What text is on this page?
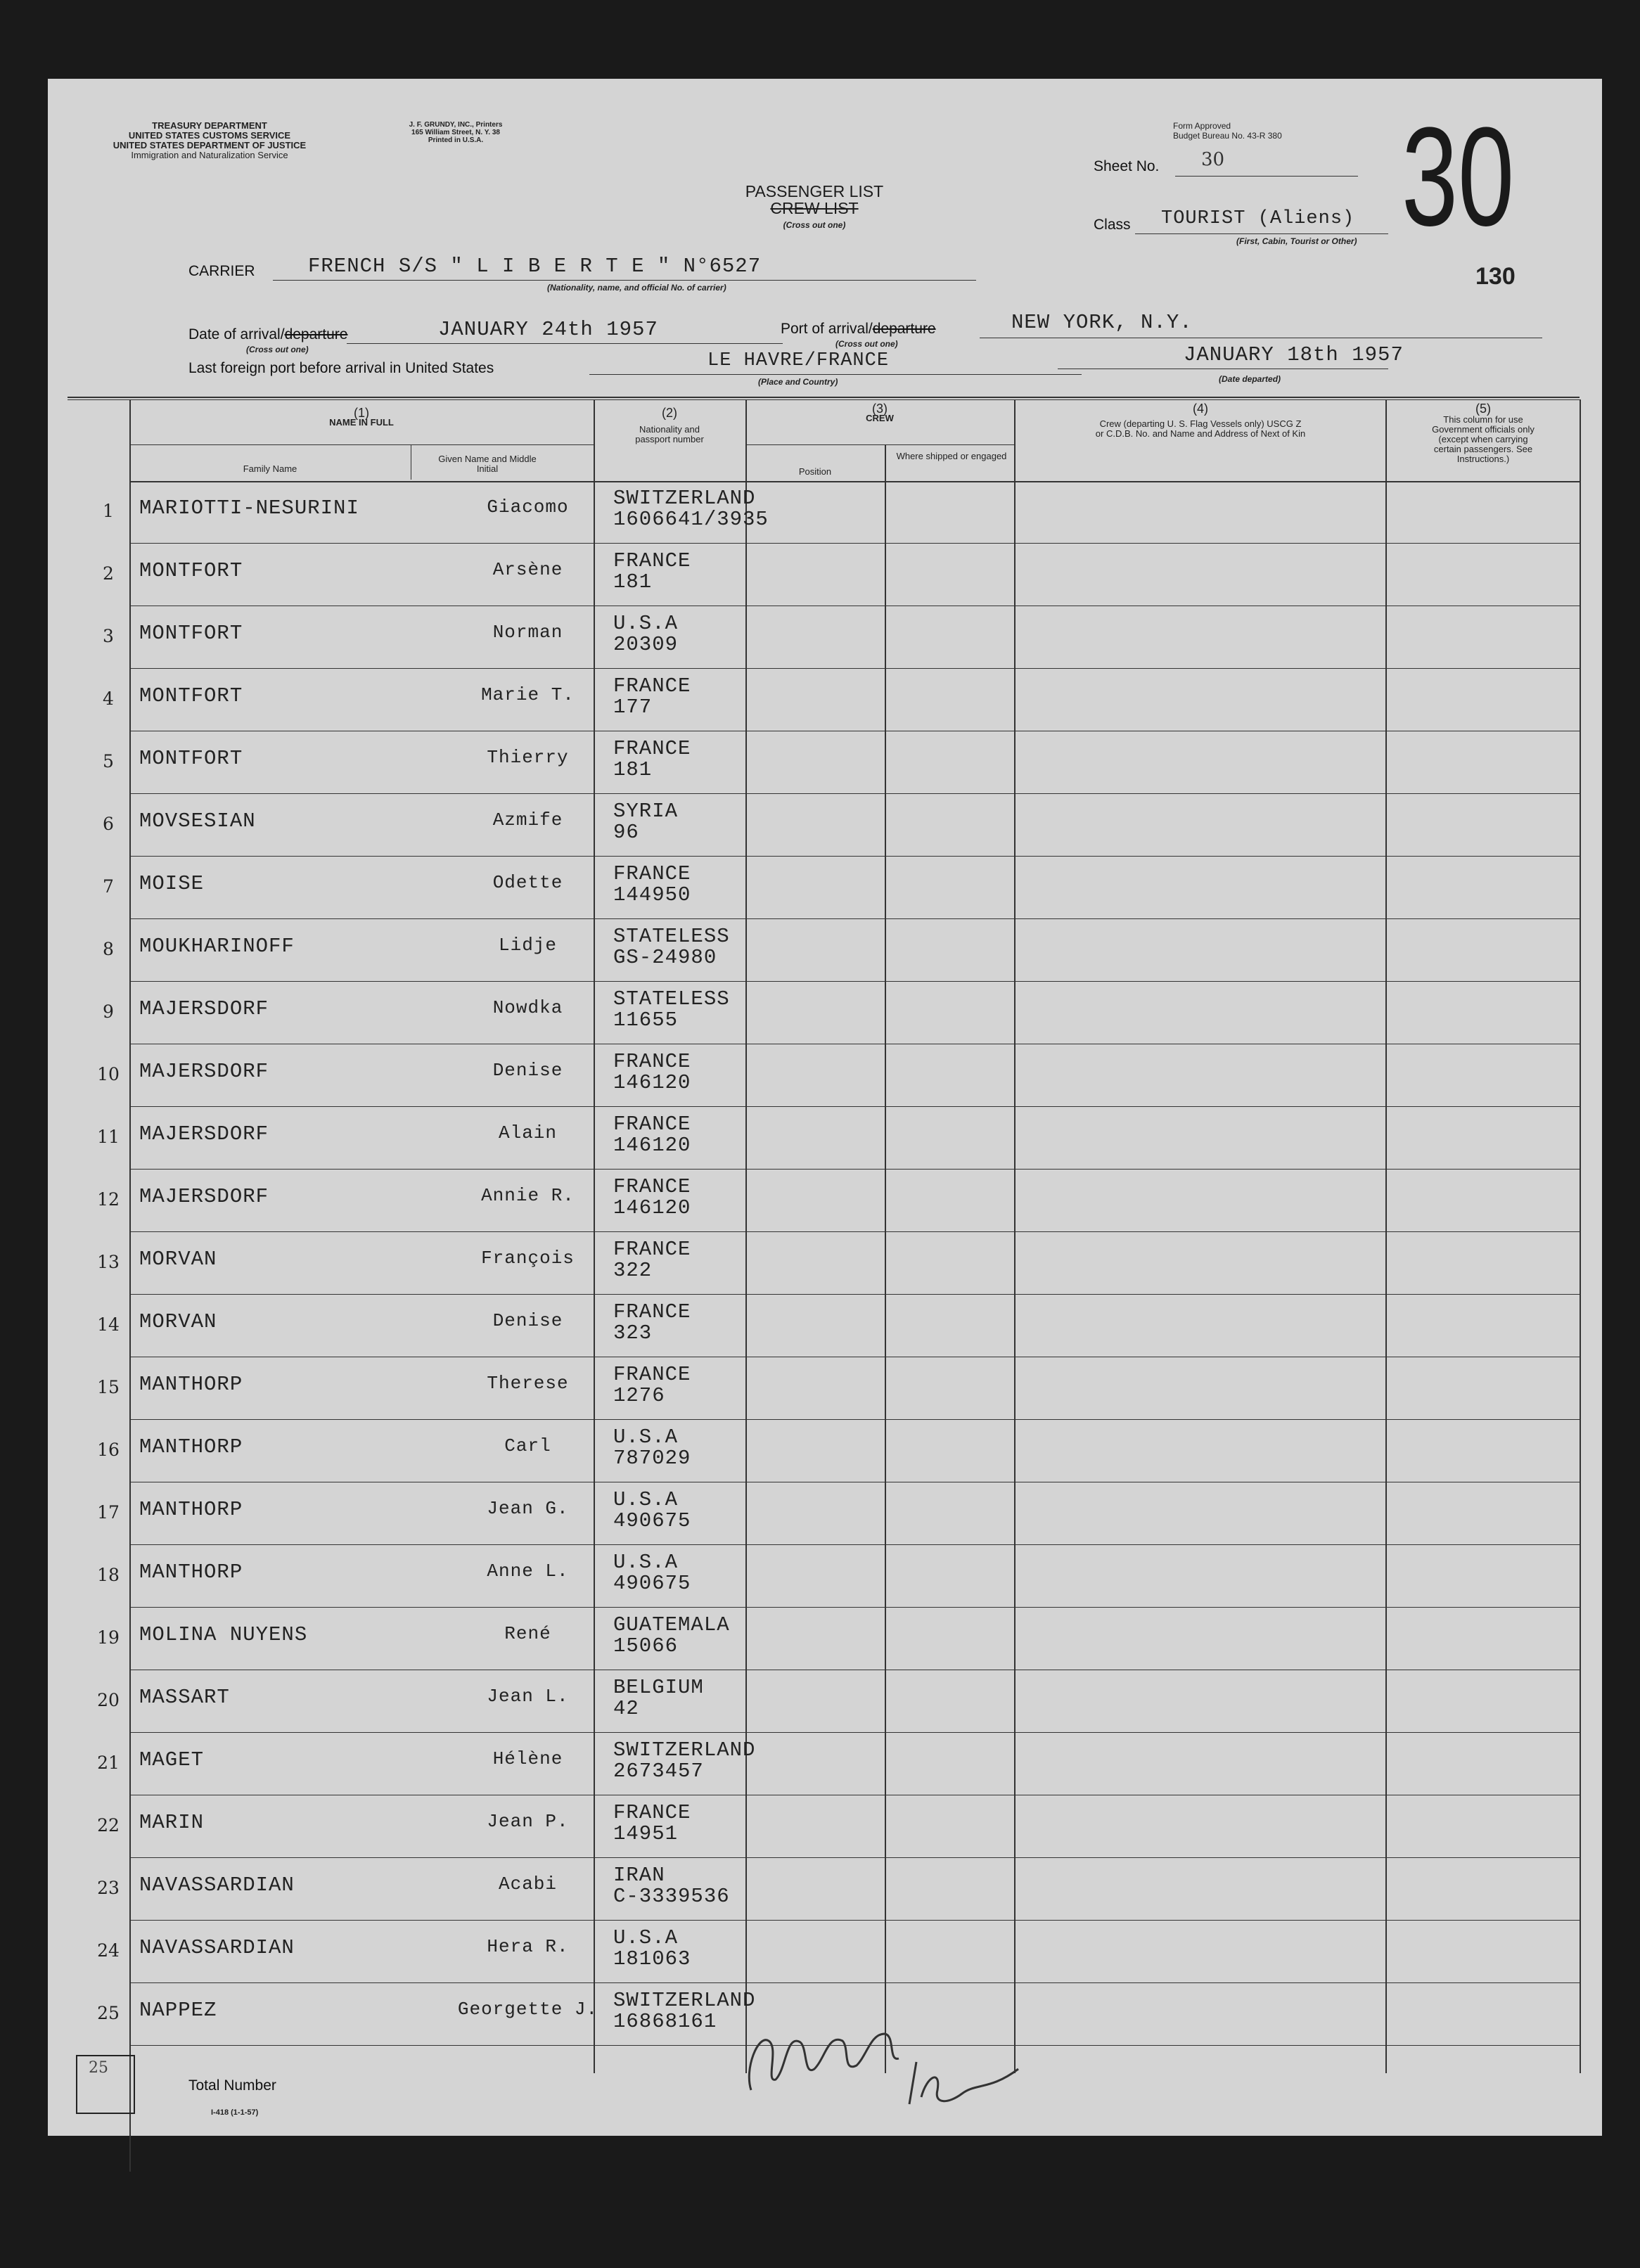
TREASURY DEPARTMENT
UNITED STATES CUSTOMS SERVICE
UNITED STATES DEPARTMENT OF JUSTICE
Immigration and Naturalization Service
J. F. GRUNDY, INC., Printers
165 William Street, N. Y. 38
Printed in U.S.A.
Form Approved
Budget Bureau No. 43-R 380 30
Sheet No. 30
PASSENGER LIST
CREW LIST
(Cross out one)	Class TOURIST (Aliens)
(First, Cabin, Tourist or Other)
130
CARRIER	FRENCH S/S " L I B E R T E " N°6527
(Nationality, name, and official No. of carrier)
Date of arrival/departure
(Cross out one)
JANUARY 24th 1957	Port of arrival/departure
(Cross out one)
NEW YORK, N.Y.
Last foreign port before arrival in United States	LE HAVRE/FRANCE
(Place and Country)
JANUARY 18th 1957
(Date departed)
(1)
NAME IN FULL
Family Name
Given Name and Middle Initial
(2)
Nationality and passport number
(3)
CREW
Position
Where shipped or engaged
(4)
Crew (departing U. S. Flag Vessels only) USCG Z or C.D.B. No. and Name and Address of Next of Kin
(5)
This column for use Government officials only (except when carrying certain passengers. See Instructions.)
1	MARIOTTI-NESURINI	Giacomo	SWITZERLAND
1606641/3935
2	MONTFORT	Arsène	FRANCE
181
3	MONTFORT	Norman	U.S.A
20309
4	MONTFORT	Marie T.	FRANCE
177
5	MONTFORT	Thierry	FRANCE
181
6	MOVSESIAN	Azmife	SYRIA
96
7	MOISE	Odette	FRANCE
144950
8	MOUKHARINOFF	Lidje	STATELESS
GS-24980
9	MAJERSDORF	Nowdka	STATELESS
11655
10 MAJERSDORF	Denise	FRANCE
146120
11 MAJERSDORF	Alain	FRANCE
146120
12 MAJERSDORF	Annie R.	FRANCE
146120
13 MORVAN	François	FRANCE
322
14 MORVAN	Denise	FRANCE
323
15 MANTHORP	Therese	FRANCE
1276
16 MANTHORP	Carl	U.S.A
787029
17 MANTHORP	Jean G.	U.S.A
490675
18 MANTHORP	Anne L.	U.S.A
490675
19 MOLINA NUYENS	René	GUATEMALA
15066
20 MASSART	Jean L.	BELGIUM
42
21 MAGET	Hélène	SWITZERLAND
2673457
22 MARIN	Jean P.	FRANCE
14951
23 NAVASSARDIAN	Acabi	IRAN
C-3339536
24 NAVASSARDIAN	Hera R.	U.S.A
181063
25 NAPPEZ	Georgette J. SWITZERLAND
16868161
25
Total Number
I-418 (1-1-57)
